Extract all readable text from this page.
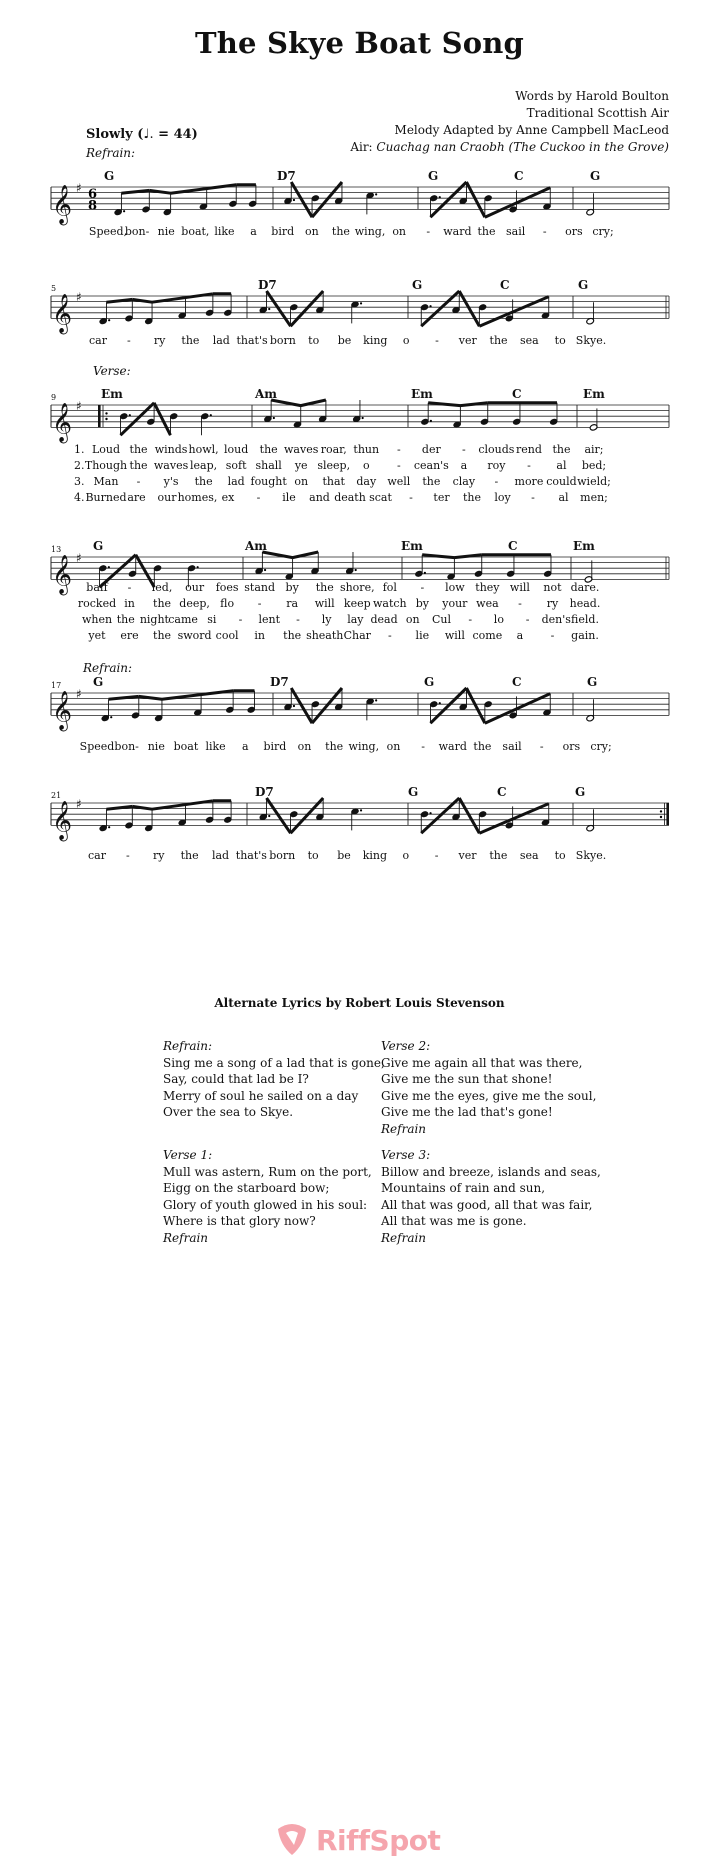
The Skye Boat Song
Words by Harold Boulton
Traditional Scottish Air
Melody Adapted by Anne Campbell MacLeod
Air: Cuachag nan Craobh (The Cuckoo in the Grove)
Slowly (♩. = 44)
𝄞 ♯ 6
8
𝄞 ♯
𝄞 ♯
𝄞 ♯
𝄞 ♯
𝄞 ♯
G	D7	G	C	G
D7	G	C	G
5
Em	Am	Em	C	Em
9
G	Am	Em	C	Em
13
G	D7	G	C	G
17
D7	G	C	G
21
Refrain:
Verse:
Refrain:
Speed,
bon- nie boat, like a bird on the wing, on - ward the sail - ors cry;
car - ry the lad that's born to be king o - ver the sea to Skye.
1. Loud the winds howl, loud the waves roar, thun - der - clouds rend the air;
2. Though the waves leap, soft shall ye sleep, o - cean's a roy - al bed;
3. Man - y's the lad fought on that day well the clay - more could wield;
4. Burned are our homes, ex - ile and death scat - ter the loy - al men;
baff - led, our foes stand by the shore, fol - low they will not dare.
rocked in the deep, flo - ra will keep watch by your wea - ry head.
when the night came si - lent - ly lay dead on Cul - lo - den's field.
yet ere the sword cool in the sheath Char - lie will come a - gain.
Speed bon- nie boat like a bird on the wing, on - ward the sail - ors cry;
car - ry the lad that's born to be king o - ver the sea to Skye.
Alternate Lyrics by Robert Louis Stevenson
Refrain:
Sing me a song of a lad that is gone,
Say, could that lad be I?
Merry of soul he sailed on a day
Over the sea to Skye.
Verse 1:
Mull was astern, Rum on the port,
Eigg on the starboard bow;
Glory of youth glowed in his soul:
Where is that glory now?
Refrain
Verse 2:
Give me again all that was there,
Give me the sun that shone!
Give me the eyes, give me the soul,
Give me the lad that's gone!
Refrain
Verse 3:
Billow and breeze, islands and seas,
Mountains of rain and sun,
All that was good, all that was fair,
All that was me is gone.
Refrain
RiffSpot
